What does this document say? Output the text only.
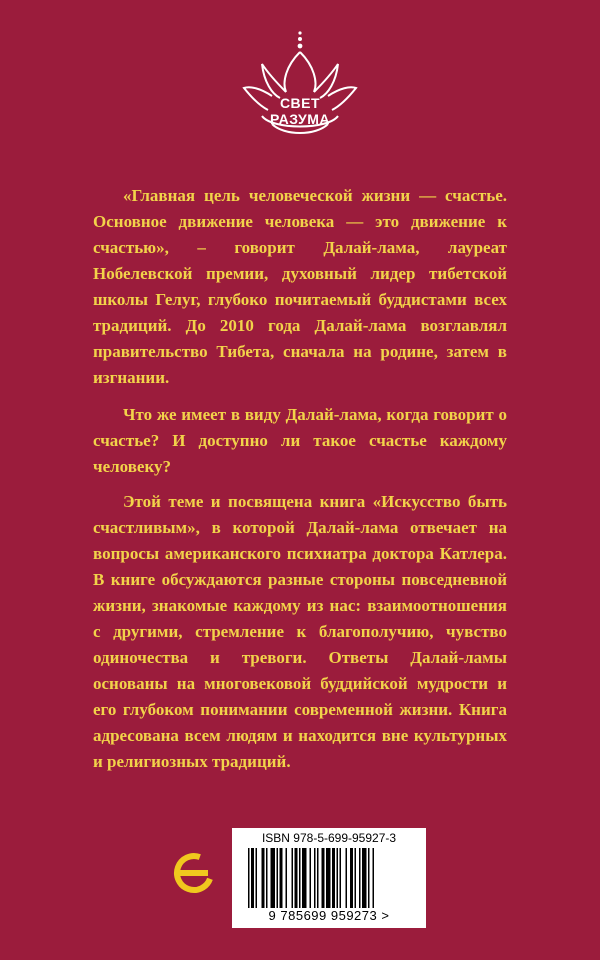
СВЕТ
РАЗУМА

«Главная цель человеческой жизни — счастье. Основное движение человека — это движение к счастью», – говорит Далай-лама, лауреат Нобелевской премии, духовный лидер тибетской школы Гелуг, глубоко почитаемый буддистами всех традиций. До 2010 года Далай-лама возглавлял правительство Тибета, сначала на родине, затем в изгнании.

Что же имеет в виду Далай-лама, когда говорит о счастье? И доступно ли такое счастье каждому человеку?

Этой теме и посвящена книга «Искусство быть счастливым», в которой Далай-лама отвечает на вопросы американского психиатра доктора Катлера. В книге обсуждаются разные стороны повседневной жизни, знакомые каждому из нас: взаимоотношения с другими, стремление к благополучию, чувство одиночества и тревоги. Ответы Далай-ламы основаны на многовековой буддийской мудрости и его глубоком понимании современной жизни. Книга адресована всем людям и находится вне культурных и религиозных традиций.

ISBN 978-5-699-95927-3
9 785699 959273 >
